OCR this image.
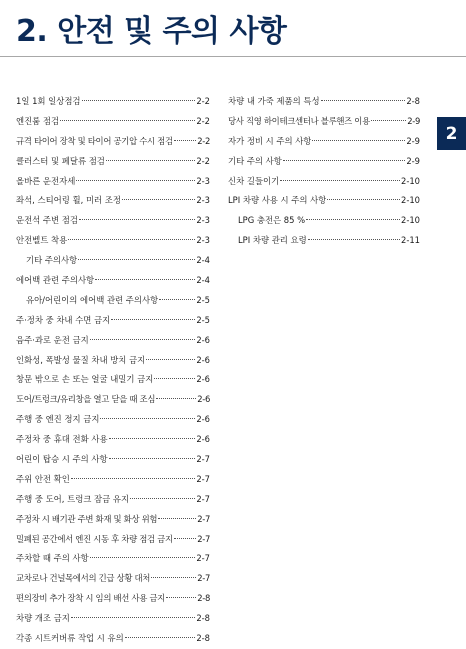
2. 안전 및 주의 사항
1일 1회 일상점검	2-2
엔진룸 점검	2-2
규격 타이어 장착 및 타이어 공기압 수시 점검	2-2
클러스터 및 페달류 점검	2-2
올바른 운전자세	2-3
좌석, 스티어링 휠, 미러 조정	2-3
운전석 주변 점검	2-3
안전벨트 착용	2-3
기타 주의사항	2-4
에어백 관련 주의사항	2-4
유아/어린이의 에어백 관련 주의사항	2-5
주·정차 중 차내 수면 금지	2-5
음주·과로 운전 금지	2-6
인화성, 폭발성 물질 차내 방치 금지	2-6
창문 밖으로 손 또는 얼굴 내밀기 금지	2-6
도어/트렁크/유리창을 열고 닫을 때 조심	2-6
주행 중 엔진 정지 금지	2-6
주정차 중 휴대 전화 사용	2-6
어린이 탑승 시 주의 사항	2-7
주위 안전 확인	2-7
주행 중 도어, 트렁크 잠금 유지	2-7
주정차 시 배기관 주변 화재 및 화상 위험	2-7
밀폐된 공간에서 엔진 시동 후 차량 점검 금지	2-7
주차할 때 주의 사항	2-7
교차로나 건널목에서의 긴급 상황 대처	2-7
편의장비 추가 장착 시 임의 배선 사용 금지	2-8
차량 개조 금지	2-8
각종 시트커버류 작업 시 유의	2-8
차량 내 가죽 제품의 특성	2-8
당사 직영 하이테크센터나 블루핸즈 이용	2-9
자가 정비 시 주의 사항	2-9
기타 주의 사항	2-9
신차 길들이기	2-10
LPI 차량 사용 시 주의 사항	2-10
LPG 충전은 85 %	2-10
LPI 차량 관리 요령	2-11
2
